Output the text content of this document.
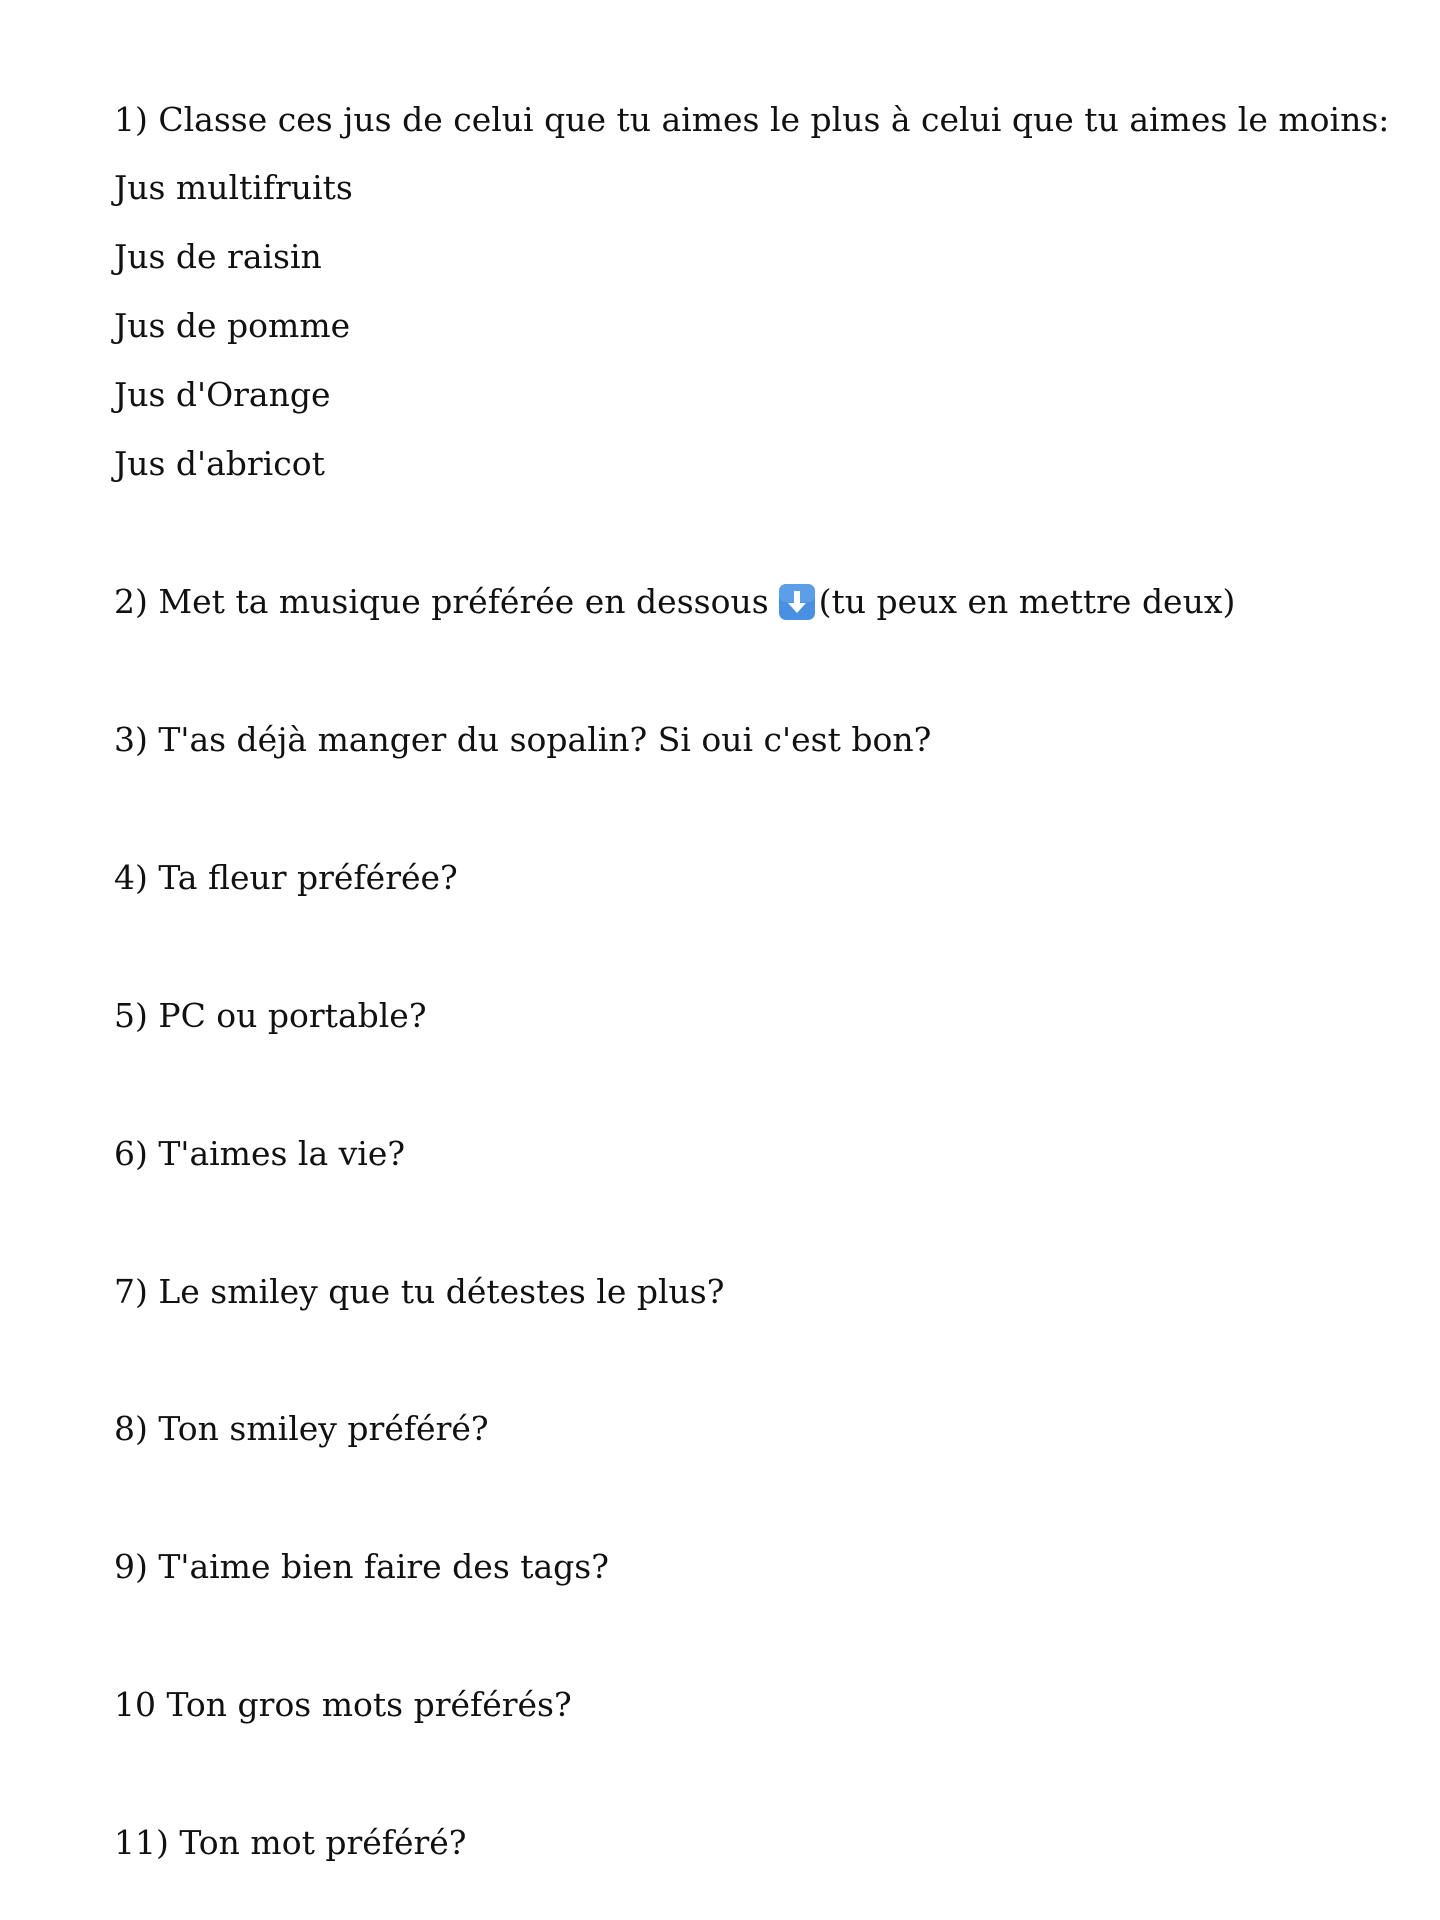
1) Classe ces jus de celui que tu aimes le plus à celui que tu aimes le moins:
Jus multifruits
Jus de raisin
Jus de pomme
Jus d'Orange
Jus d'abricot
2) Met ta musique préférée en dessous (tu peux en mettre deux)
3) T'as déjà manger du sopalin? Si oui c'est bon?
4) Ta fleur préférée?
5) PC ou portable?
6) T'aimes la vie?
7) Le smiley que tu détestes le plus?
8) Ton smiley préféré?
9) T'aime bien faire des tags?
10 Ton gros mots préférés?
11) Ton mot préféré?
